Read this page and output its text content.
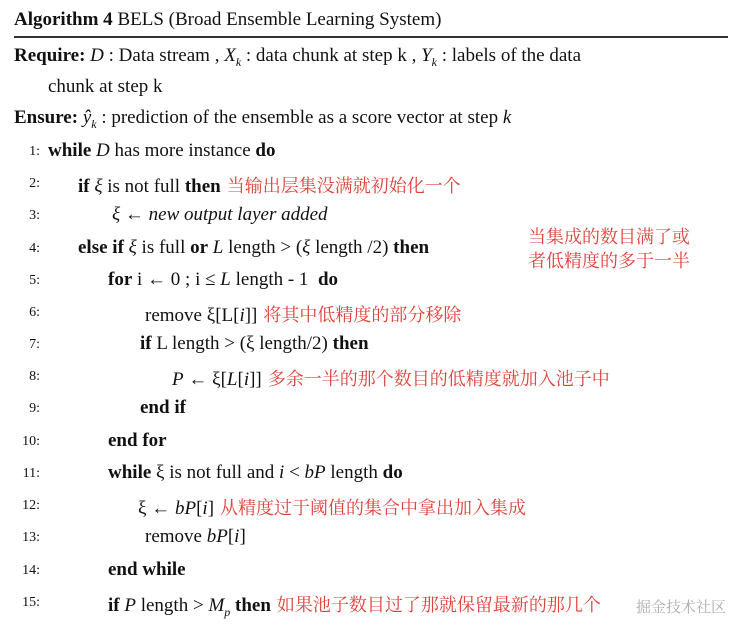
Algorithm 4 BELS (Broad Ensemble Learning System)
Require: D : Data stream , $X_k$ : data chunk at step k , $Y_k$ : labels of the data
chunk at step k
Ensure: $ŷ_k$ : prediction of the ensemble as a score vector at step k
1: while D has more instance do
2: if ξ is not full then 当输出层集没满就初始化一个
3:	ξ ← new output layer added
4: else if ξ is full or L length > (ξ length /2) then	当集成的数目满了或
者低精度的多于一半
5:	for i ← 0 ; i ≤ L length - 1  do
6:	remove ξ[L[i]] 将其中低精度的部分移除
7:	if L length > (ξ length/2) then
8:	P ← ξ[L[i]] 多余一半的那个数目的低精度就加入池子中
9:	end if
10:	end for
11:	while ξ is not full and i < bP length do
12:	ξ ← bP[i] 从精度过于阈值的集合中拿出加入集成
13:	remove bP[i]
14:	end while
15:	if P length > $M_p$ then 如果池子数目过了那就保留最新的那几个 掘金技术社区
